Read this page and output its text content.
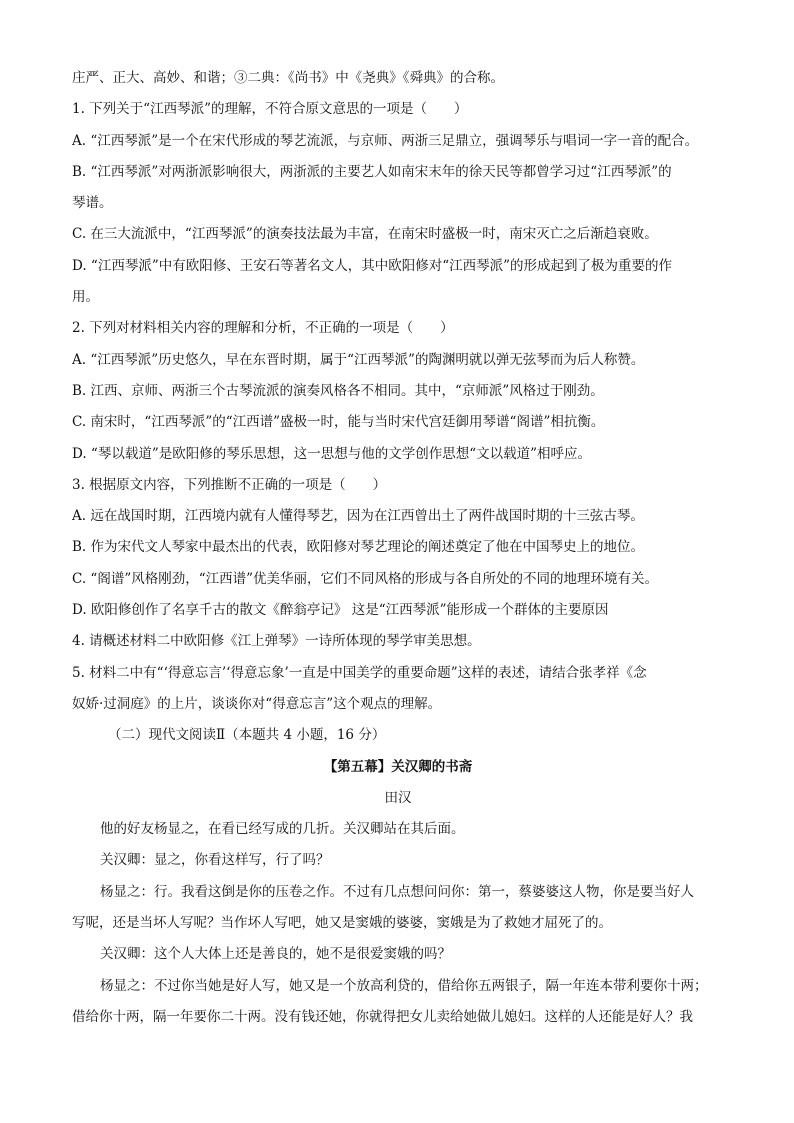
庄严、正大、高妙、和谐；③二典：《尚书》中《尧典》《舜典》的合称。
1. 下列关于“江西琴派”的理解，不符合原文意思的一项是（　　）
A. “江西琴派”是一个在宋代形成的琴艺流派，与京师、两浙三足鼎立，强调琴乐与唱词一字一音的配合。
B. “江西琴派”对两浙派影响很大，两浙派的主要艺人如南宋末年的徐天民等都曾学习过“江西琴派”的
琴谱。
C. 在三大流派中，“江西琴派”的演奏技法最为丰富，在南宋时盛极一时，南宋灭亡之后渐趋衰败。
D. “江西琴派”中有欧阳修、王安石等著名文人，其中欧阳修对“江西琴派”的形成起到了极为重要的作
用。
2. 下列对材料相关内容的理解和分析，不正确的一项是（　　）
A. “江西琴派”历史悠久，早在东晋时期，属于“江西琴派”的陶渊明就以弹无弦琴而为后人称赞。
B. 江西、京师、两浙三个古琴流派的演奏风格各不相同。其中，“京师派”风格过于刚劲。
C. 南宋时，“江西琴派”的“江西谱”盛极一时，能与当时宋代宫廷御用琴谱“阁谱”相抗衡。
D. “琴以载道”是欧阳修的琴乐思想，这一思想与他的文学创作思想“文以载道”相呼应。
3. 根据原文内容，下列推断不正确的一项是（　　）
A. 远在战国时期，江西境内就有人懂得琴艺，因为在江西曾出土了两件战国时期的十三弦古琴。
B. 作为宋代文人琴家中最杰出的代表，欧阳修对琴艺理论的阐述奠定了他在中国琴史上的地位。
C. “阁谱”风格刚劲，“江西谱”优美华丽，它们不同风格的形成与各自所处的不同的地理环境有关。
D. 欧阳修创作了名享千古的散文《醉翁亭记》 这是“江西琴派”能形成一个群体的主要原因
4. 请概述材料二中欧阳修《江上弹琴》一诗所体现的琴学审美思想。
5. 材料二中有“‘得意忘言’‘得意忘象’一直是中国美学的重要命题”这样的表述，请结合张孝祥《念
奴娇·过洞庭》的上片，谈谈你对“得意忘言”这个观点的理解。
（二）现代文阅读Ⅱ（本题共 4 小题，16 分）
【第五幕】关汉卿的书斋
田汉
他的好友杨显之，在看已经写成的几折。关汉卿站在其后面。
关汉卿：显之，你看这样写，行了吗？
杨显之：行。我看这倒是你的压卷之作。不过有几点想问问你：第一，蔡婆婆这人物，你是要当好人
写呢，还是当坏人写呢？当作坏人写吧，她又是窦娥的婆婆，窦娥是为了救她才屈死了的。
关汉卿：这个人大体上还是善良的，她不是很爱窦娥的吗？
杨显之：不过你当她是好人写，她又是一个放高利贷的，借给你五两银子，隔一年连本带利要你十两；
借给你十两，隔一年要你二十两。没有钱还她，你就得把女儿卖给她做儿媳妇。这样的人还能是好人？我
